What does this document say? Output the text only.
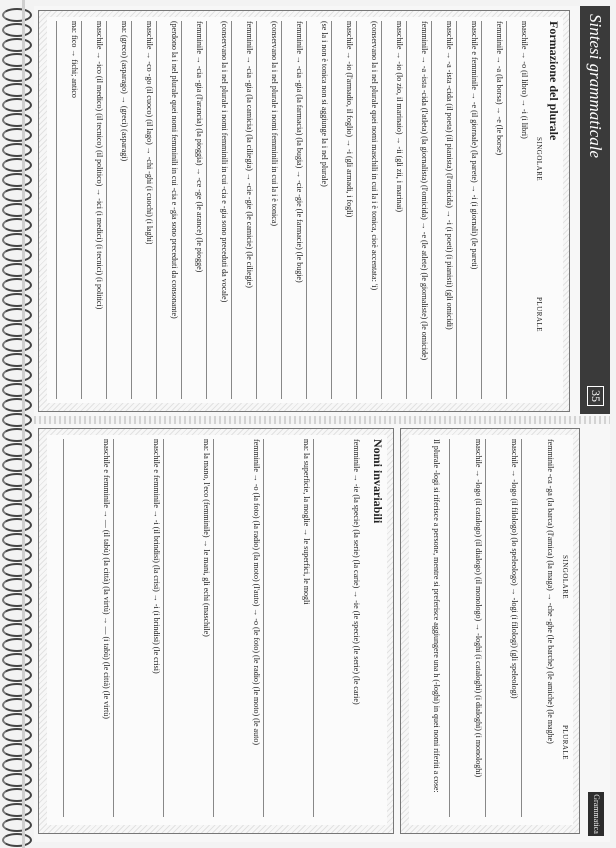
Sintesi grammaticale
35
Formazione del plurale
SINGOLARE
PLURALE
maschile → -o (il libro) → -i (i libri)
femminile → -a (la borsa) → -e (le borse)
maschile e femminile → -e (il giornale) (la parete) → -i (i giornali) (le pareti)
maschile → -a -ista -cida (il poeta) (il pianista) (l'omicida) → -i (i poeti) (i pianisti) (gli omicidi)
femminile → -a -ista -cida (l'atleta) (la giornalista) (l'omicida) → -e (le atlete) (le giornaliste) (le omicide)
maschile → -io (lo zio, il marinaio) → -ii (gli zii, i marinai)
(conservano la i nel plurale quei nomi maschili in cui la i è tonica, cioè accentata: 'i)
maschile → -io (l'armadio, il foglio) → -i (gli armadi, i fogli)
(se la i non è tonica non si aggiunge la i nel plurale)
femminile → -cia -gia (la farmacia) (la bugia) → -cie -gie (le farmacie) (le bugie)
(conservano la i nel plurale i nomi femminili in cui la i è tonica)
femminile → -cia -gia (la camicia) (la ciliegia) → -cie -gie (le camicie) (le ciliegie)
(conservano la i nel plurale i nomi femminili in cui -cia e -gia sono preceduti da vocale)
femminile → -cia -gia (l'arancia) (la pioggia) → -ce -ge (le arance) (le piogge)
(perdono la i nel plurale quei nomi femminili in cui -cia e -gia sono preceduti da consonante)
maschile → -co -go (il cuoco) (il lago) → -chi -ghi (i cuochi) (i laghi)
ma: (greco) (asparago) → (greci) (asparagi)
maschile → -ico (il medico) (il tecnico) (il politico) → -ici (i medici) (i tecnici) (i politici)
ma: fico → fichi; antico
Grammatica
SINGOLARE
PLURALE
femminile -ca -ga (la barca) (l'amica) (la maga) → -che -ghe (le barche) (le amiche) (le maghe)
maschile → -logo (il filologo) (lo speleologo) → -logi (i filologi) (gli speleologi)
maschile → -logo (il catalogo) (il dialogo) (il monologo) → -loghi (i cataloghi) (i dialoghi) (i monologhi)
Il plurale -logi si riferisce a persone, mentre si preferisce aggiungere una h (-loghi) in quei nomi riferiti a cose:
Nomi invariabili
femminile → -ie (la specie) (la serie) (la carie) → -ie (le specie) (le serie) (le carie)
ma: la superficie, la moglie → le superfici, le mogli
femminile → -o (la foto) (la radio) (la moto) (l'auto) → -o (le foto) (le radio) (le moto) (le auto)
ma: la mano, l'eco (femminile) → le mani, gli echi (maschile)
maschile e femminile → -i (il brindisi) (la crisi) → -i (i brindisi) (le crisi)
maschile e femminile → — (il tabù) (la città) (la virtù) → — (i tabù) (le città) (le virtù)
